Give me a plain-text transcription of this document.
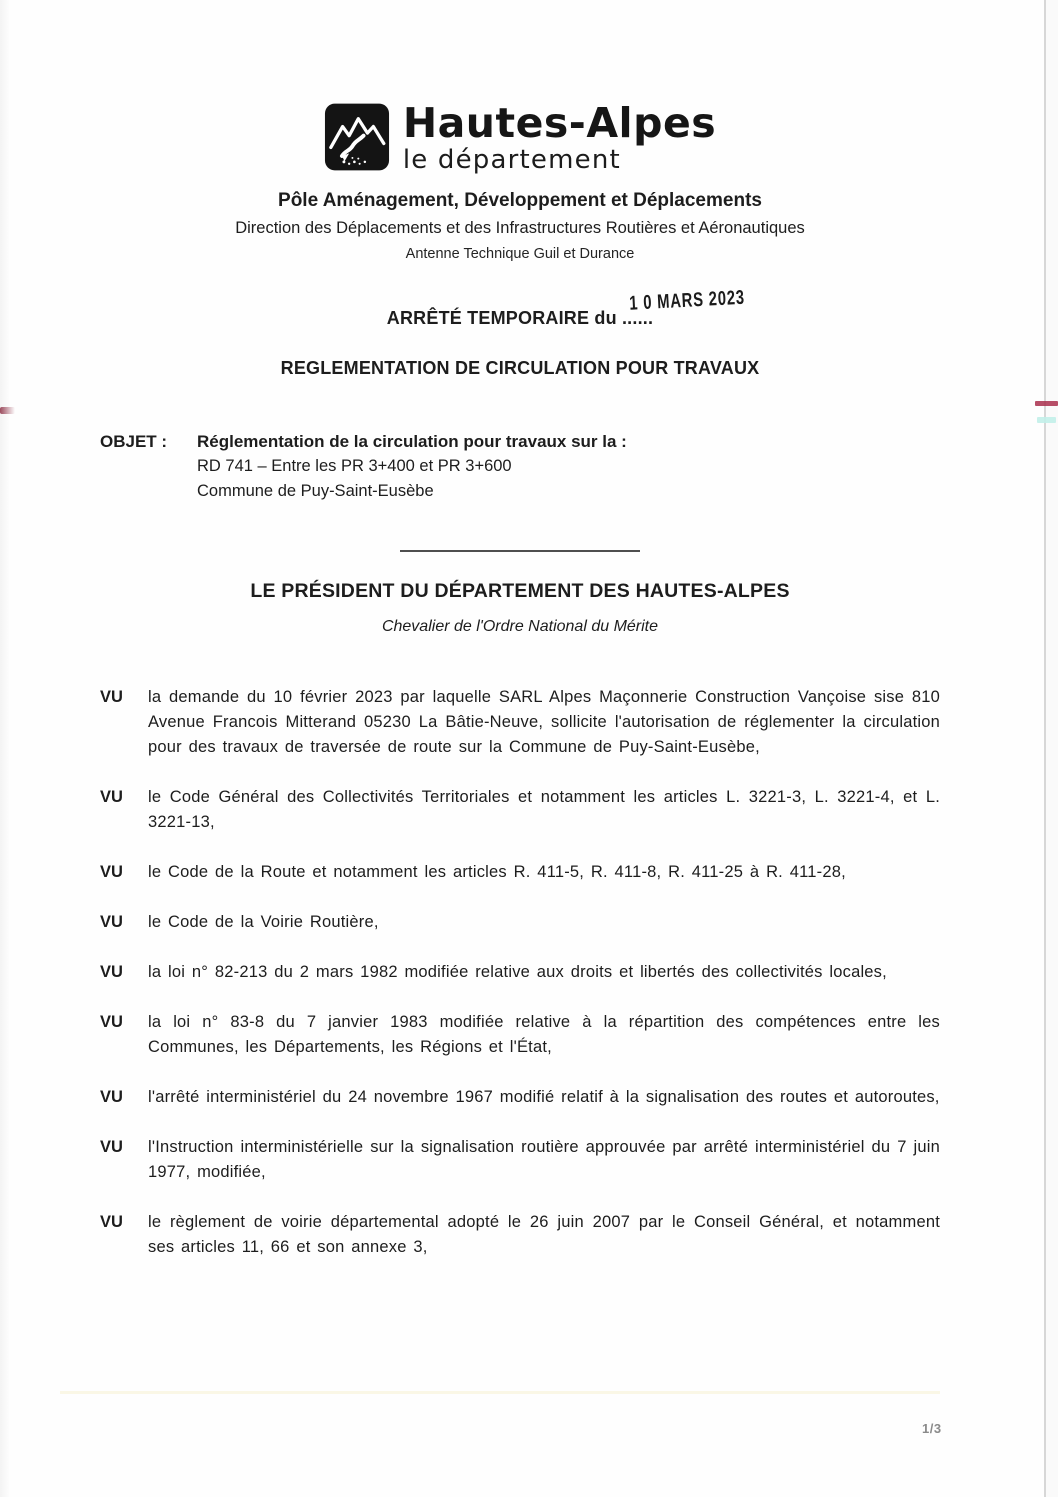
Hautes-Alpes
le département
Pôle Aménagement, Développement et Déplacements
Direction des Déplacements et des Infrastructures Routières et Aéronautiques
Antenne Technique Guil et Durance
ARRÊTÉ TEMPORAIRE du ......
1 0 MARS 2023
REGLEMENTATION DE CIRCULATION POUR TRAVAUX
OBJET :	Réglementation de la circulation pour travaux sur la :
RD 741 – Entre les PR 3+400 et PR 3+600
Commune de Puy-Saint-Eusèbe
LE PRÉSIDENT DU DÉPARTEMENT DES HAUTES-ALPES
Chevalier de l'Ordre National du Mérite
VU	la demande du 10 février 2023 par laquelle SARL Alpes Maçonnerie Construction Vançoise sise 810 Avenue Francois Mitterand 05230 La Bâtie-Neuve, sollicite l'autorisation de réglementer la circulation pour des travaux de traversée de route sur la Commune de Puy-Saint-Eusèbe,
VU	le Code Général des Collectivités Territoriales et notamment les articles L. 3221-3, L. 3221-4, et L. 3221-13,
VU	le Code de la Route et notamment les articles R. 411-5, R. 411-8, R. 411-25 à R. 411-28,
VU	le Code de la Voirie Routière,
VU	la loi n° 82-213 du 2 mars 1982 modifiée relative aux droits et libertés des collectivités locales,
VU	la loi n° 83-8 du 7 janvier 1983 modifiée relative à la répartition des compétences entre les Communes, les Départements, les Régions et l'État,
VU	l'arrêté interministériel du 24 novembre 1967 modifié relatif à la signalisation des routes et autoroutes,
VU	l'Instruction interministérielle sur la signalisation routière approuvée par arrêté interministériel du 7 juin 1977, modifiée,
VU	le règlement de voirie départemental adopté le 26 juin 2007 par le Conseil Général, et notamment ses articles 11, 66 et son annexe 3,
1/3
